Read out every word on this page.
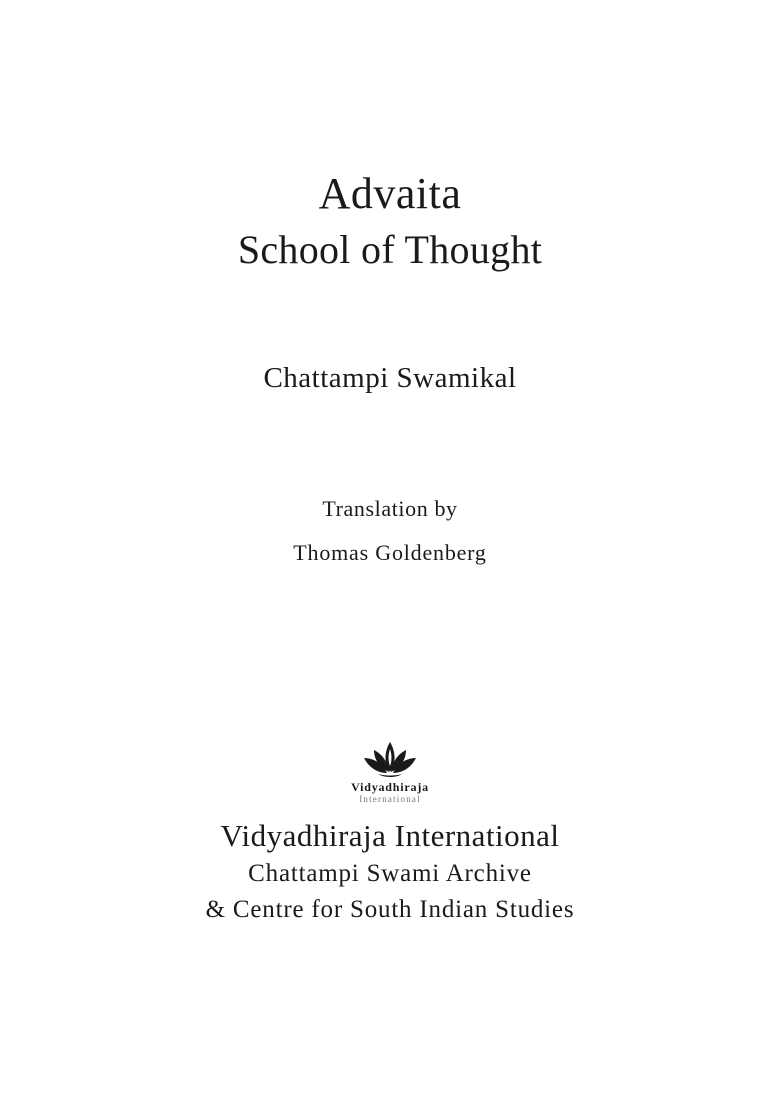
Advaita
School of Thought
Chattampi Swamikal
Translation by
Thomas Goldenberg
Vidyadhiraja
International
Vidyadhiraja International
Chattampi Swami Archive
& Centre for South Indian Studies
